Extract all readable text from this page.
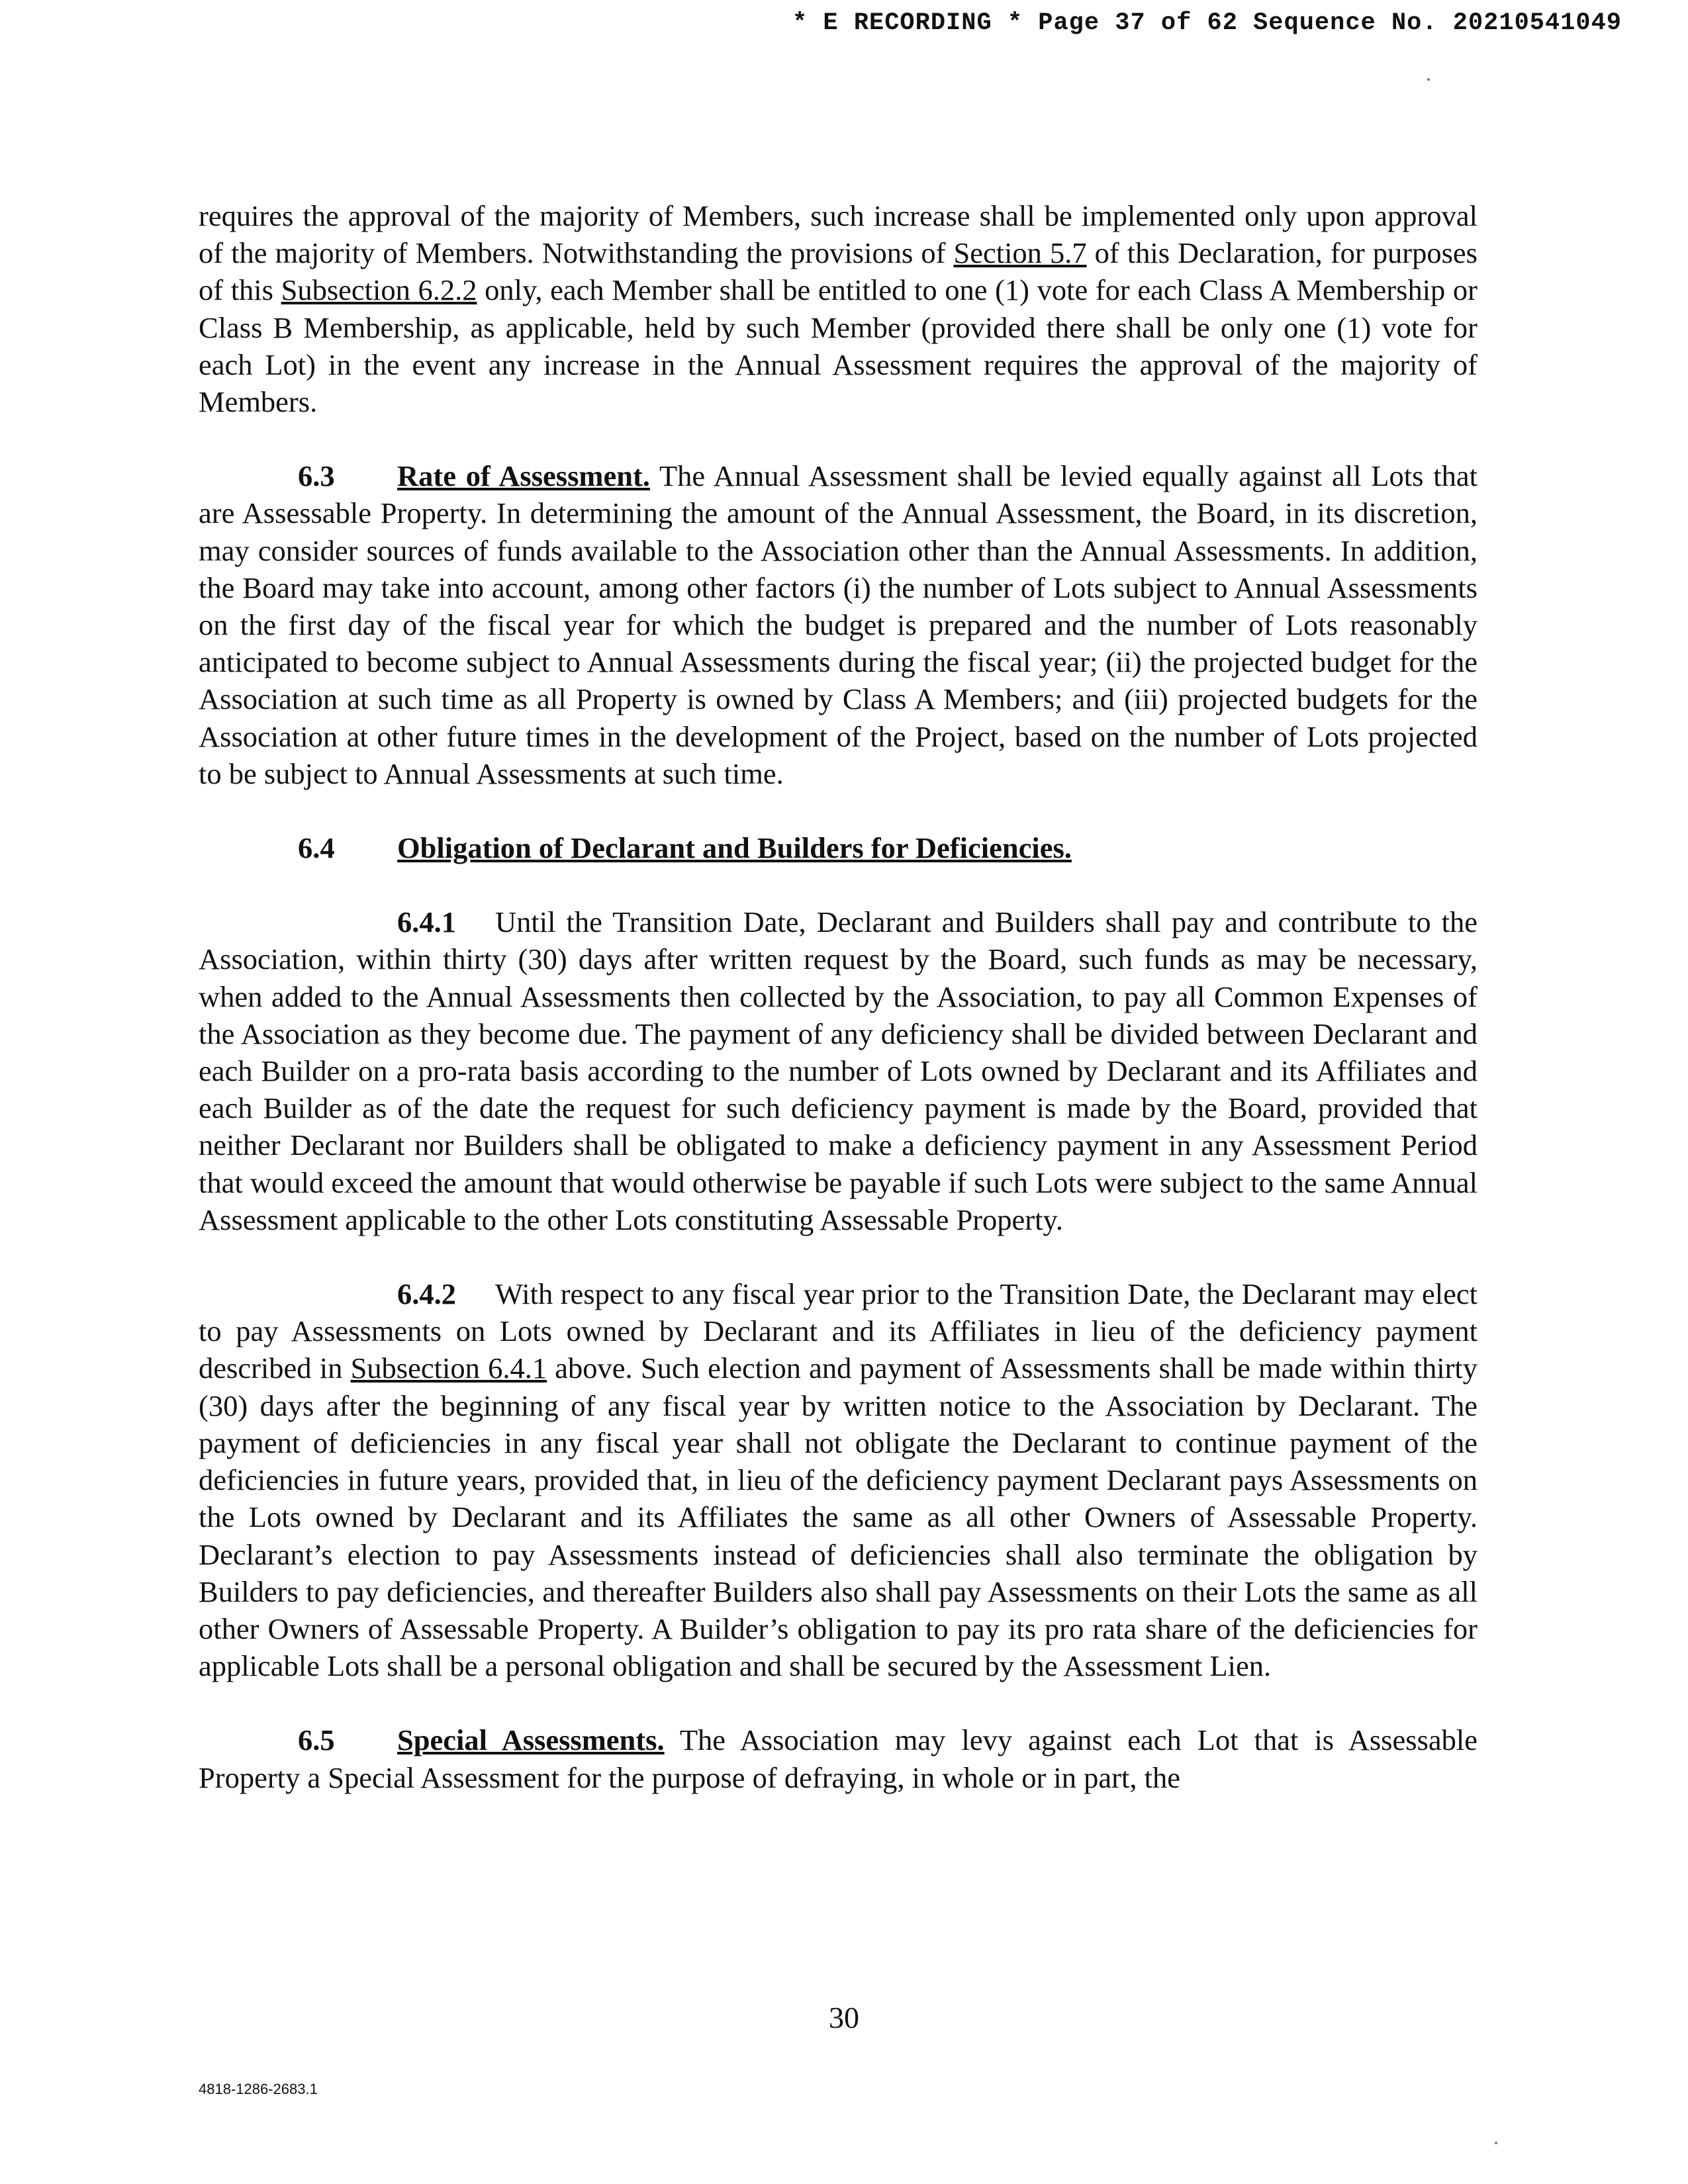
* E RECORDING * Page 37 of 62 Sequence No. 20210541049

requires the approval of the majority of Members, such increase shall be implemented only upon approval of the majority of Members. Notwithstanding the provisions of Section 5.7 of this Declaration, for purposes of this Subsection 6.2.2 only, each Member shall be entitled to one (1) vote for each Class A Membership or Class B Membership, as applicable, held by such Member (provided there shall be only one (1) vote for each Lot) in the event any increase in the Annual Assessment requires the approval of the majority of Members.

6.3 Rate of Assessment. The Annual Assessment shall be levied equally against all Lots that are Assessable Property. In determining the amount of the Annual Assessment, the Board, in its discretion, may consider sources of funds available to the Association other than the Annual Assessments. In addition, the Board may take into account, among other factors (i) the number of Lots subject to Annual Assessments on the first day of the fiscal year for which the budget is prepared and the number of Lots reasonably anticipated to become subject to Annual Assessments during the fiscal year; (ii) the projected budget for the Association at such time as all Property is owned by Class A Members; and (iii) projected budgets for the Association at other future times in the development of the Project, based on the number of Lots projected to be subject to Annual Assessments at such time.

6.4 Obligation of Declarant and Builders for Deficiencies.

6.4.1 Until the Transition Date, Declarant and Builders shall pay and contribute to the Association, within thirty (30) days after written request by the Board, such funds as may be necessary, when added to the Annual Assessments then collected by the Association, to pay all Common Expenses of the Association as they become due. The payment of any deficiency shall be divided between Declarant and each Builder on a pro-rata basis according to the number of Lots owned by Declarant and its Affiliates and each Builder as of the date the request for such deficiency payment is made by the Board, provided that neither Declarant nor Builders shall be obligated to make a deficiency payment in any Assessment Period that would exceed the amount that would otherwise be payable if such Lots were subject to the same Annual Assessment applicable to the other Lots constituting Assessable Property.

6.4.2 With respect to any fiscal year prior to the Transition Date, the Declarant may elect to pay Assessments on Lots owned by Declarant and its Affiliates in lieu of the deficiency payment described in Subsection 6.4.1 above. Such election and payment of Assessments shall be made within thirty (30) days after the beginning of any fiscal year by written notice to the Association by Declarant. The payment of deficiencies in any fiscal year shall not obligate the Declarant to continue payment of the deficiencies in future years, provided that, in lieu of the deficiency payment Declarant pays Assessments on the Lots owned by Declarant and its Affiliates the same as all other Owners of Assessable Property. Declarant’s election to pay Assessments instead of deficiencies shall also terminate the obligation by Builders to pay deficiencies, and thereafter Builders also shall pay Assessments on their Lots the same as all other Owners of Assessable Property. A Builder’s obligation to pay its pro rata share of the deficiencies for applicable Lots shall be a personal obligation and shall be secured by the Assessment Lien.

6.5 Special Assessments. The Association may levy against each Lot that is Assessable Property a Special Assessment for the purpose of defraying, in whole or in part, the

30
4818-1286-2683.1
